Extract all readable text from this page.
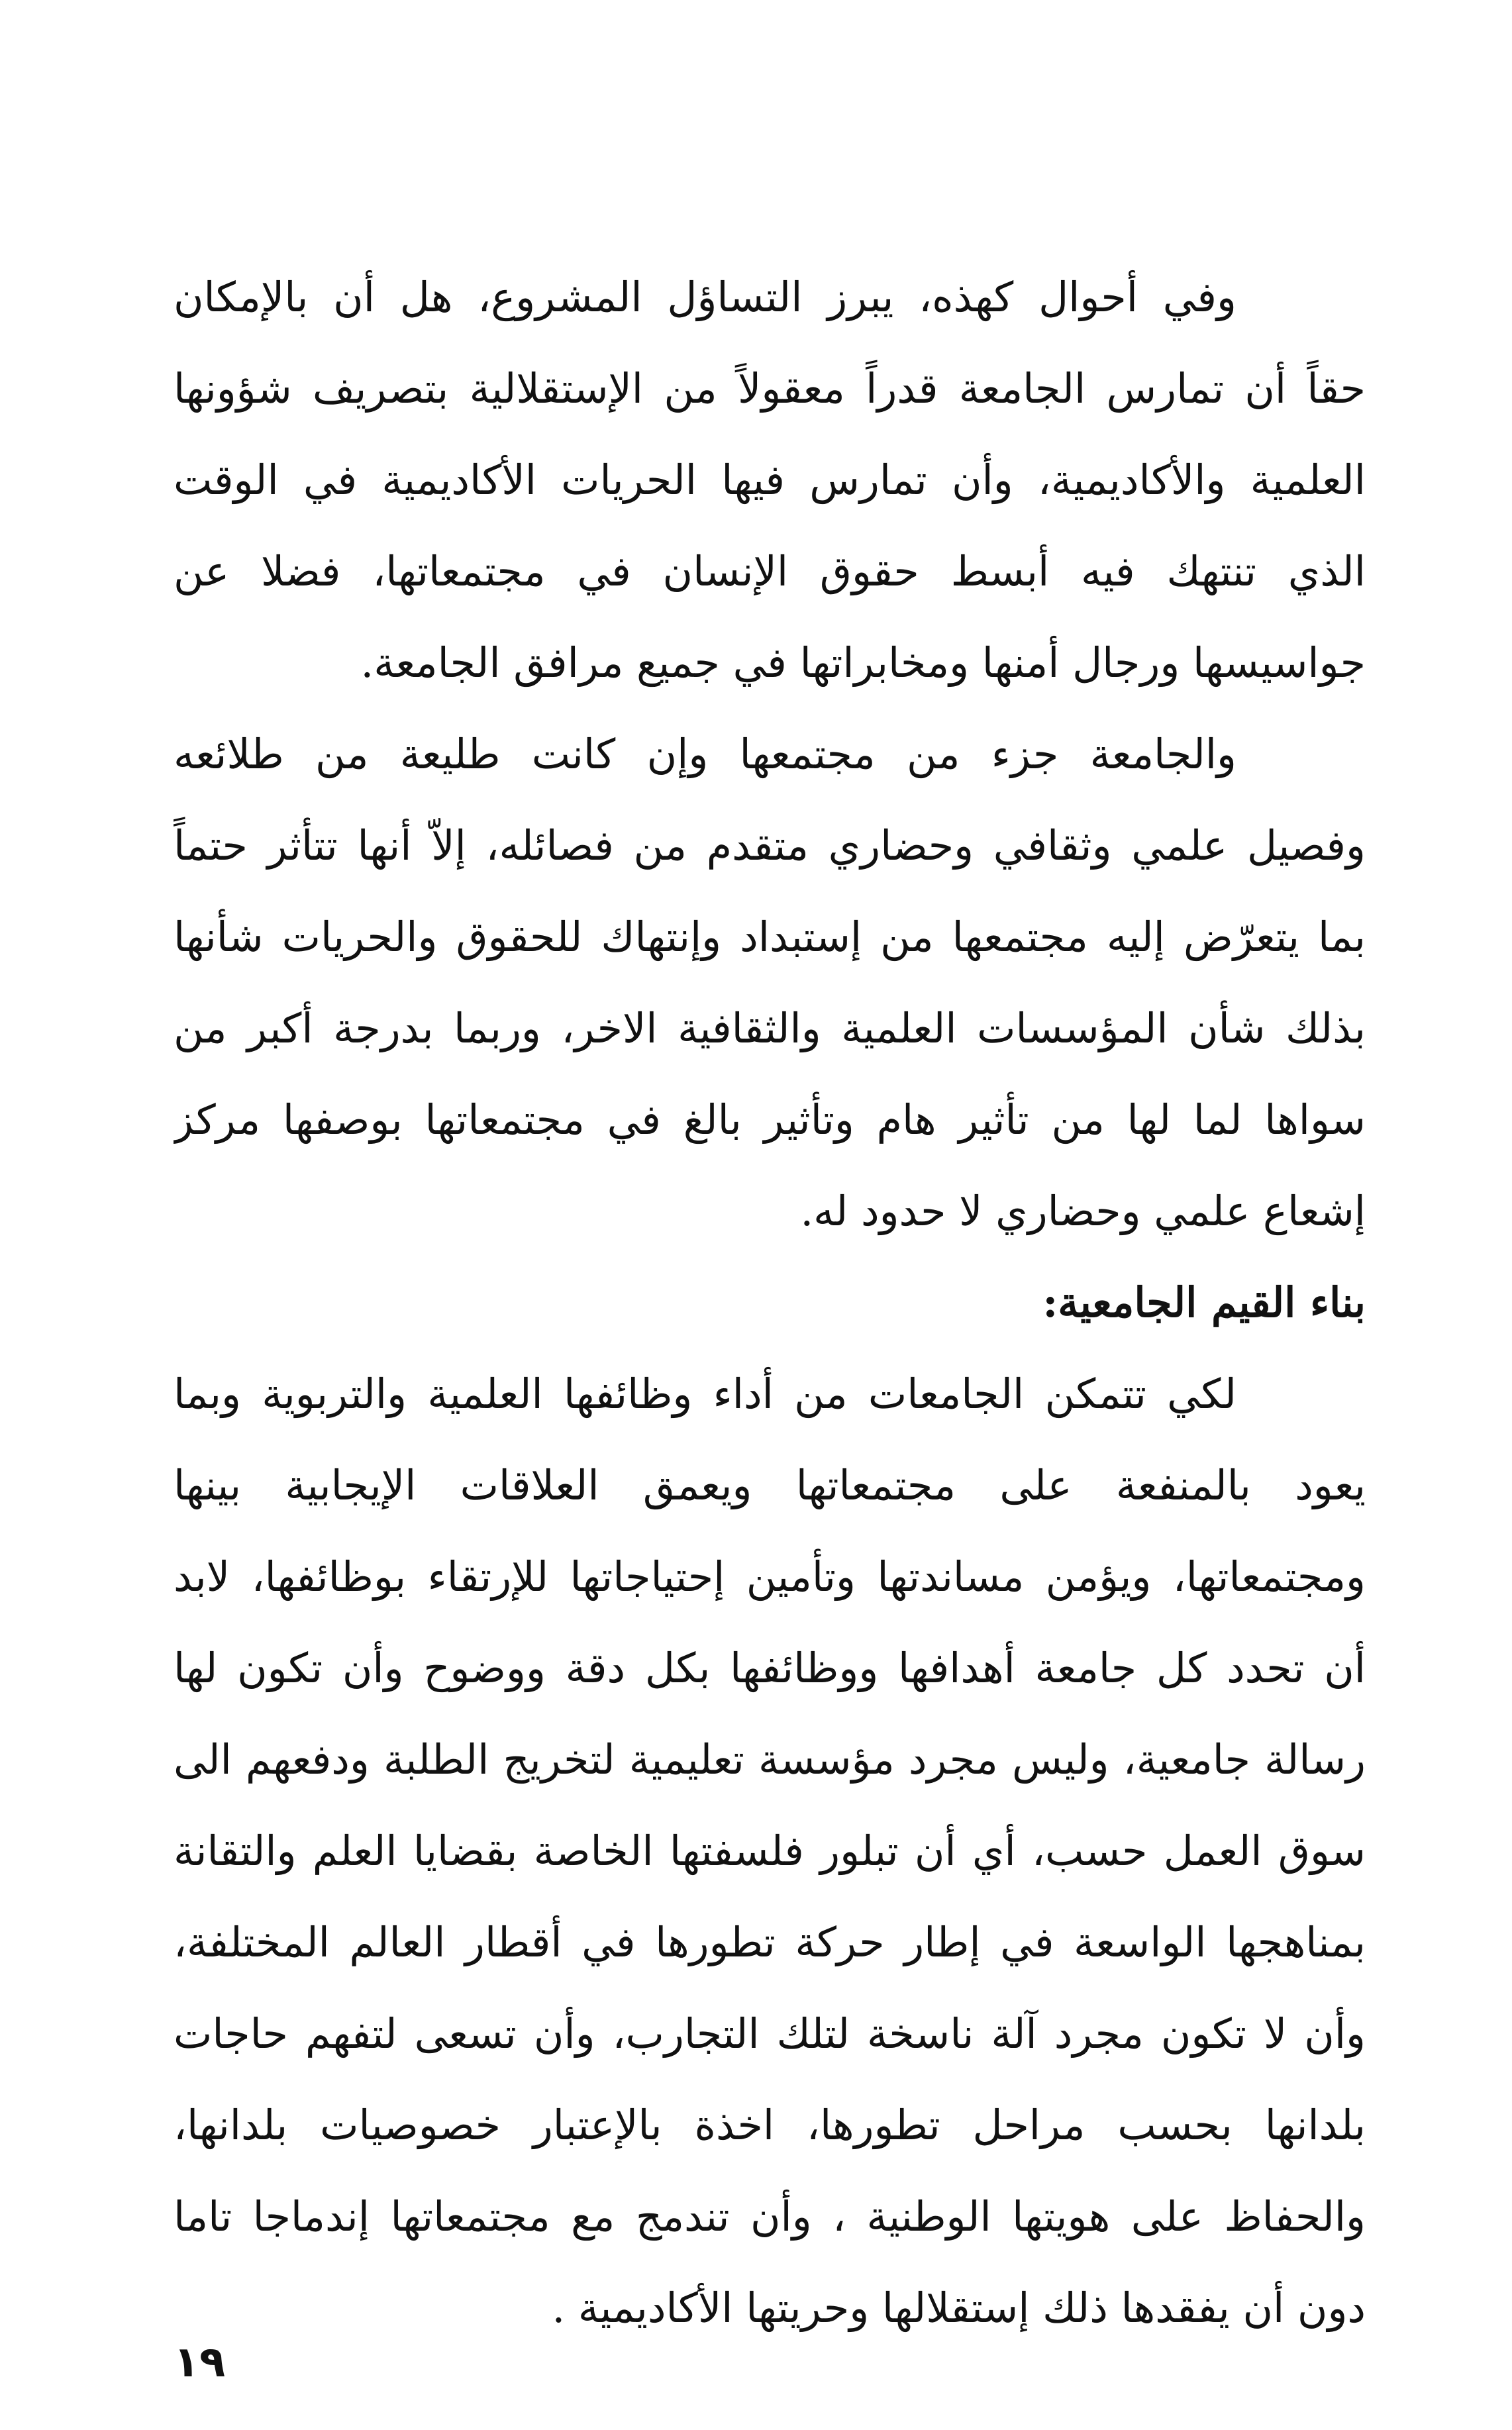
وفي أحوال كهذه، يبرز التساؤل المشروع، هل أن بالإمكان
حقاً أن تمارس الجامعة قدراً معقولاً من الإستقلالية بتصريف شؤونها
العلمية والأكاديمية، وأن تمارس فيها الحريات الأكاديمية في الوقت
الذي تنتهك فيه أبسط حقوق الإنسان في مجتمعاتها، فضلا عن
جواسيسها ورجال أمنها ومخابراتها في جميع مرافق الجامعة.
والجامعة جزء من مجتمعها وإن كانت طليعة من طلائعه
وفصيل علمي وثقافي وحضاري متقدم من فصائله، إلاّ أنها تتأثر حتماً
بما يتعرّض إليه مجتمعها من إستبداد وإنتهاك للحقوق والحريات شأنها
بذلك شأن المؤسسات العلمية والثقافية الاخر، وربما بدرجة أكبر من
سواها لما لها من تأثير هام وتأثير بالغ في مجتمعاتها بوصفها مركز
إشعاع علمي وحضاري لا حدود له.
بناء القيم الجامعية:
لكي تتمكن الجامعات من أداء وظائفها العلمية والتربوية وبما
يعود بالمنفعة على مجتمعاتها ويعمق العلاقات الإيجابية بينها
ومجتمعاتها، ويؤمن مساندتها وتأمين إحتياجاتها للإرتقاء بوظائفها، لابد
أن تحدد كل جامعة أهدافها ووظائفها بكل دقة ووضوح وأن تكون لها
رسالة جامعية، وليس مجرد مؤسسة تعليمية لتخريج الطلبة ودفعهم الى
سوق العمل حسب، أي أن تبلور فلسفتها الخاصة بقضايا العلم والتقانة
بمناهجها الواسعة في إطار حركة تطورها في أقطار العالم المختلفة،
وأن لا تكون مجرد آلة ناسخة لتلك التجارب، وأن تسعى لتفهم حاجات
بلدانها بحسب مراحل تطورها، اخذة بالإعتبار خصوصيات بلدانها،
والحفاظ على هويتها الوطنية ، وأن تندمج مع مجتمعاتها إندماجا تاما
دون أن يفقدها ذلك إستقلالها وحريتها الأكاديمية .
١٩
